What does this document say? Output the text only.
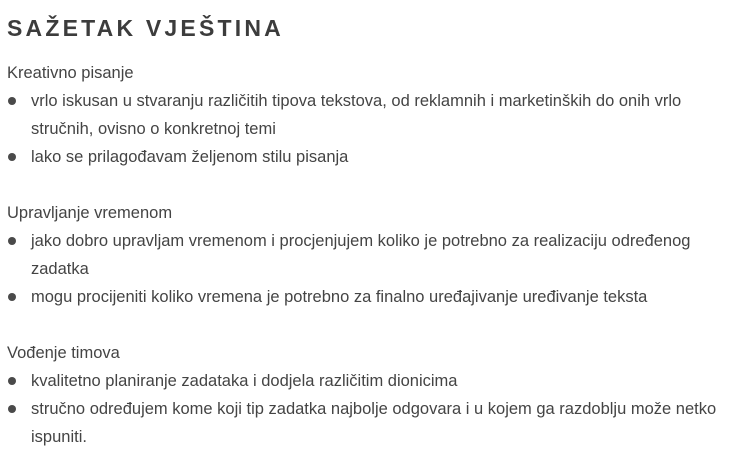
SAŽETAK VJEŠTINA

Kreativno pisanje

vrlo iskusan u stvaranju različitih tipova tekstova, od reklamnih i marketinških do onih vrlo stručnih, ovisno o konkretnoj temi
lako se prilagođavam željenom stilu pisanja

Upravljanje vremenom

jako dobro upravljam vremenom i procjenjujem koliko je potrebno za realizaciju određenog zadatka
mogu procijeniti koliko vremena je potrebno za finalno uređajivanje uređivanje teksta

Vođenje timova

kvalitetno planiranje zadataka i dodjela različitim dionicima
stručno određujem kome koji tip zadatka najbolje odgovara i u kojem ga razdoblju može netko ispuniti.
